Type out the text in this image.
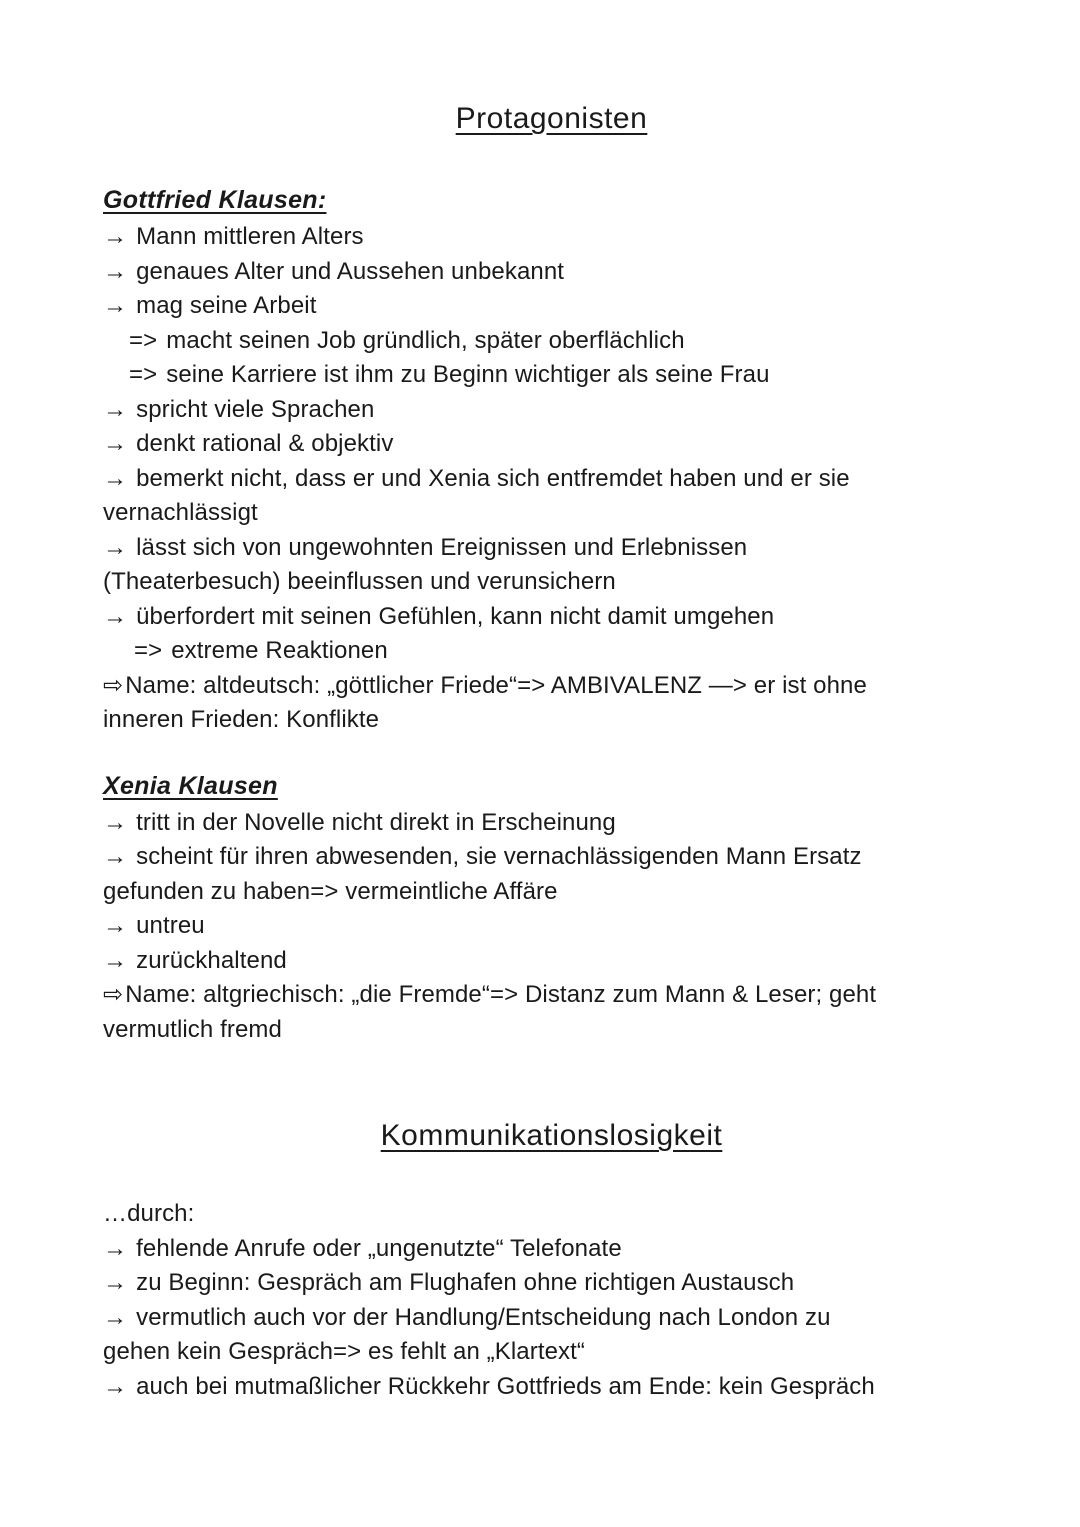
Protagonisten
Gottfried Klausen:
→ Mann mittleren Alters
→ genaues Alter und Aussehen unbekannt
→ mag seine Arbeit
=> macht seinen Job gründlich, später oberflächlich
=> seine Karriere ist ihm zu Beginn wichtiger als seine Frau
→ spricht viele Sprachen
→ denkt rational & objektiv
→ bemerkt nicht, dass er und Xenia sich entfremdet haben und er sie
vernachlässigt
→ lässt sich von ungewohnten Ereignissen und Erlebnissen
(Theaterbesuch) beeinflussen und verunsichern
→ überfordert mit seinen Gefühlen, kann nicht damit umgehen
=> extreme Reaktionen
⇨Name: altdeutsch: „göttlicher Friede“=> AMBIVALENZ —> er ist ohne
inneren Frieden: Konflikte
Xenia Klausen
→ tritt in der Novelle nicht direkt in Erscheinung
→ scheint für ihren abwesenden, sie vernachlässigenden Mann Ersatz
gefunden zu haben=> vermeintliche Affäre
→ untreu
→ zurückhaltend
⇨Name: altgriechisch: „die Fremde“=> Distanz zum Mann & Leser; geht
vermutlich fremd
Kommunikationslosigkeit
…durch:
→ fehlende Anrufe oder „ungenutzte“ Telefonate
→ zu Beginn: Gespräch am Flughafen ohne richtigen Austausch
→ vermutlich auch vor der Handlung/Entscheidung nach London zu
gehen kein Gespräch=> es fehlt an „Klartext“
→ auch bei mutmaßlicher Rückkehr Gottfrieds am Ende: kein Gespräch
